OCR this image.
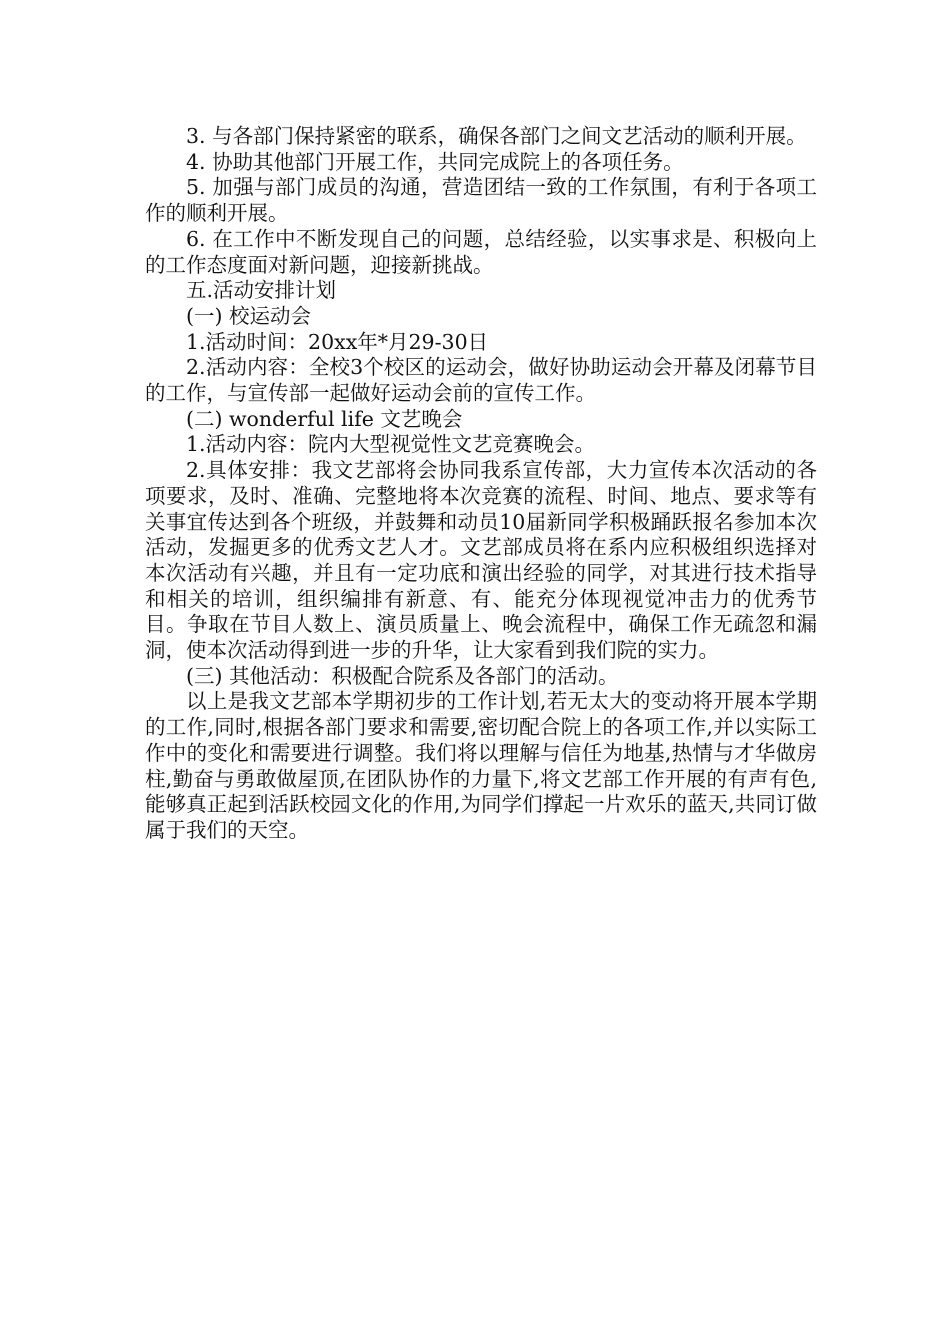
3. 与各部门保持紧密的联系，确保各部门之间文艺活动的顺利开展。

4. 协助其他部门开展工作，共同完成院上的各项任务。

5. 加强与部门成员的沟通，营造团结一致的工作氛围，有利于各项工作的顺利开展。

6. 在工作中不断发现自己的问题，总结经验，以实事求是、积极向上的工作态度面对新问题，迎接新挑战。

五.活动安排计划

(一) 校运动会

1.活动时间：20xx年*月29-30日

2.活动内容：全校3个校区的运动会，做好协助运动会开幕及闭幕节目的工作，与宣传部一起做好运动会前的宣传工作。

(二) wonderful life 文艺晚会

1.活动内容：院内大型视觉性文艺竞赛晚会。

2.具体安排：我文艺部将会协同我系宣传部，大力宣传本次活动的各项要求，及时、准确、完整地将本次竞赛的流程、时间、地点、要求等有关事宜传达到各个班级，并鼓舞和动员10届新同学积极踊跃报名参加本次活动，发掘更多的优秀文艺人才。文艺部成员将在系内应积极组织选择对本次活动有兴趣，并且有一定功底和演出经验的同学，对其进行技术指导和相关的培训，组织编排有新意、有、能充分体现视觉冲击力的优秀节目。争取在节目人数上、演员质量上、晚会流程中，确保工作无疏忽和漏洞，使本次活动得到进一步的升华，让大家看到我们院的实力。

(三) 其他活动：积极配合院系及各部门的活动。

以上是我文艺部本学期初步的工作计划,若无太大的变动将开展本学期的工作,同时,根据各部门要求和需要,密切配合院上的各项工作,并以实际工作中的变化和需要进行调整。我们将以理解与信任为地基,热情与才华做房柱,勤奋与勇敢做屋顶,在团队协作的力量下,将文艺部工作开展的有声有色,能够真正起到活跃校园文化的作用,为同学们撑起一片欢乐的蓝天,共同订做属于我们的天空。
